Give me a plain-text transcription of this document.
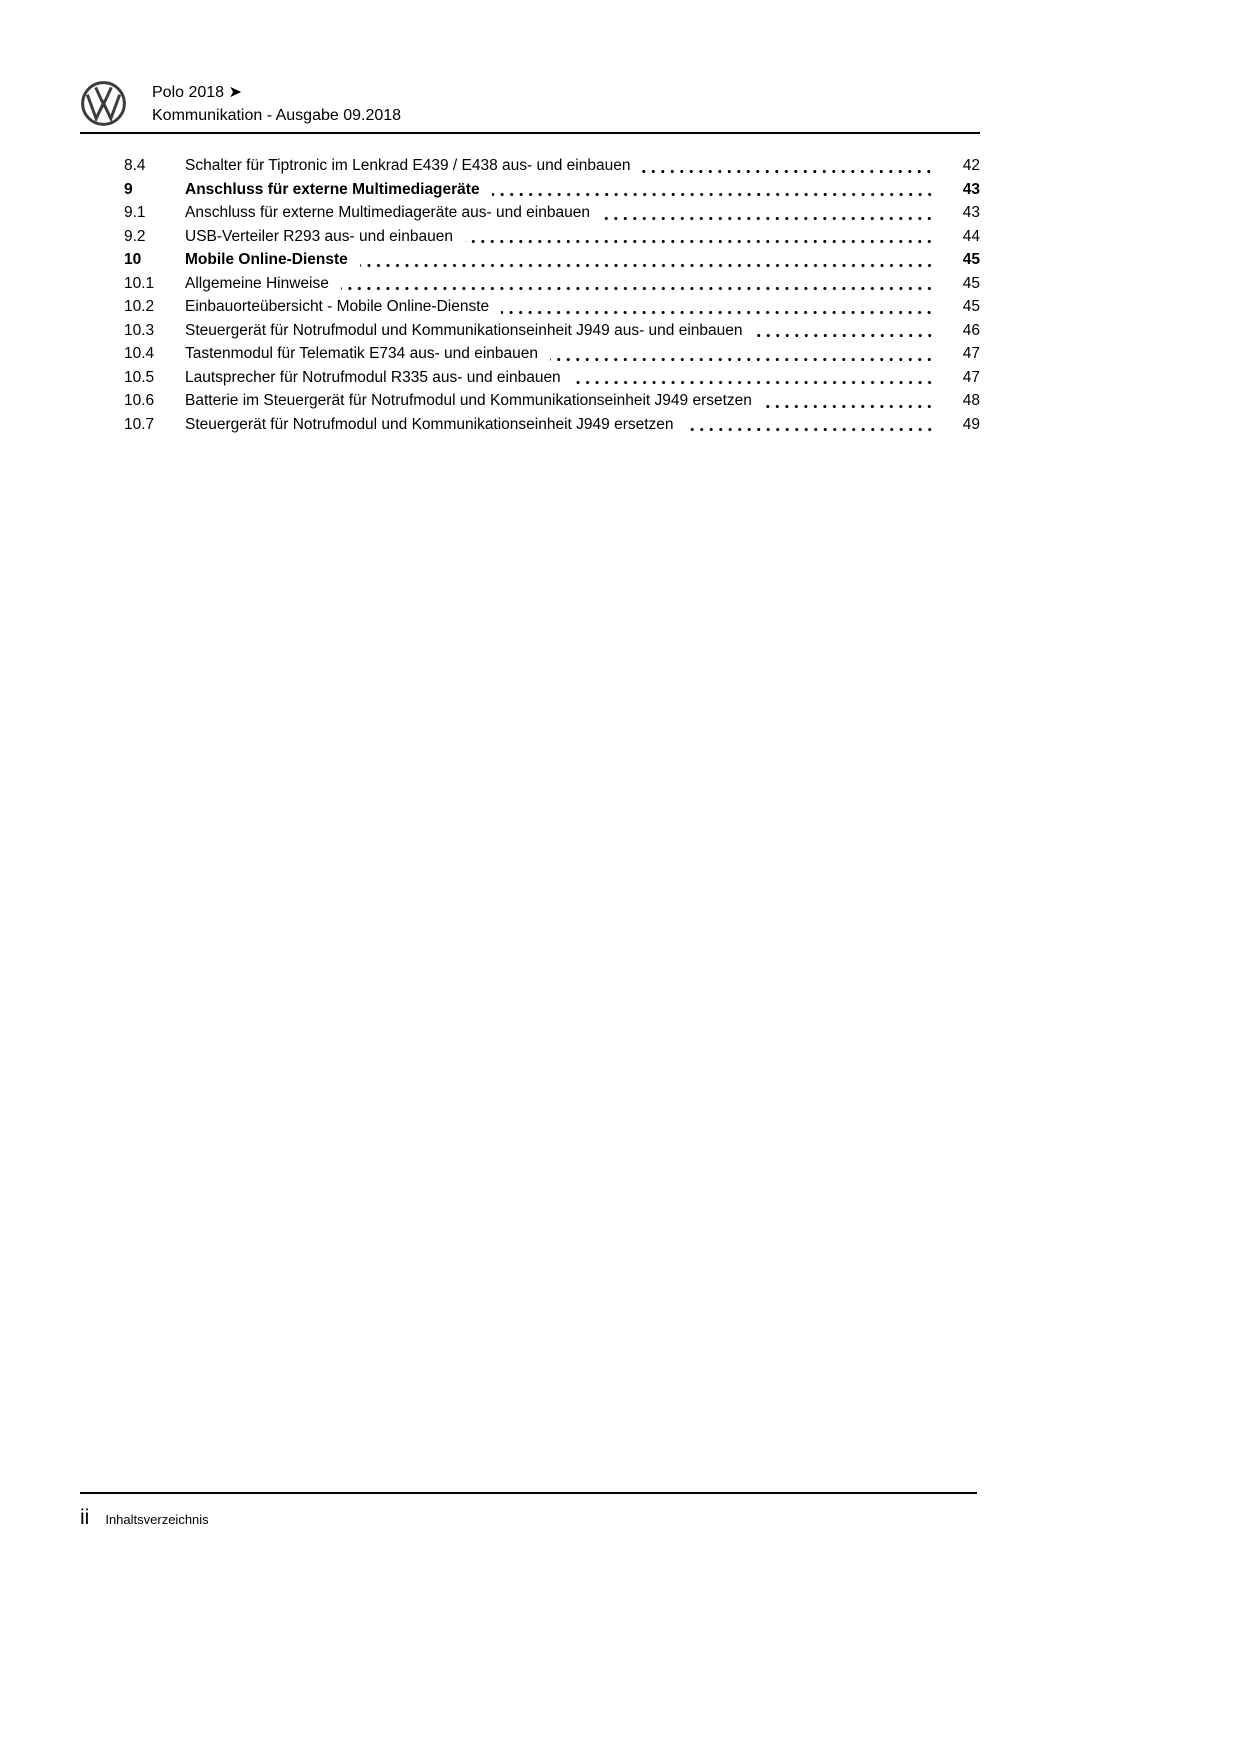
Polo 2018 ➤
Kommunikation - Ausgabe 09.2018
8.4	Schalter für Tiptronic im Lenkrad E439 / E438 aus- und einbauen	42
9	Anschluss für externe Multimediageräte	43
9.1	Anschluss für externe Multimediageräte aus- und einbauen	43
9.2	USB-Verteiler R293 aus- und einbauen	44
10	Mobile Online-Dienste	45
10.1	Allgemeine Hinweise	45
10.2	Einbauorteübersicht - Mobile Online-Dienste	45
10.3	Steuergerät für Notrufmodul und Kommunikationseinheit J949 aus- und einbauen	46
10.4	Tastenmodul für Telematik E734 aus- und einbauen	47
10.5	Lautsprecher für Notrufmodul R335 aus- und einbauen	47
10.6	Batterie im Steuergerät für Notrufmodul und Kommunikationseinheit J949 ersetzen	48
10.7	Steuergerät für Notrufmodul und Kommunikationseinheit J949 ersetzen	49
ii Inhaltsverzeichnis
